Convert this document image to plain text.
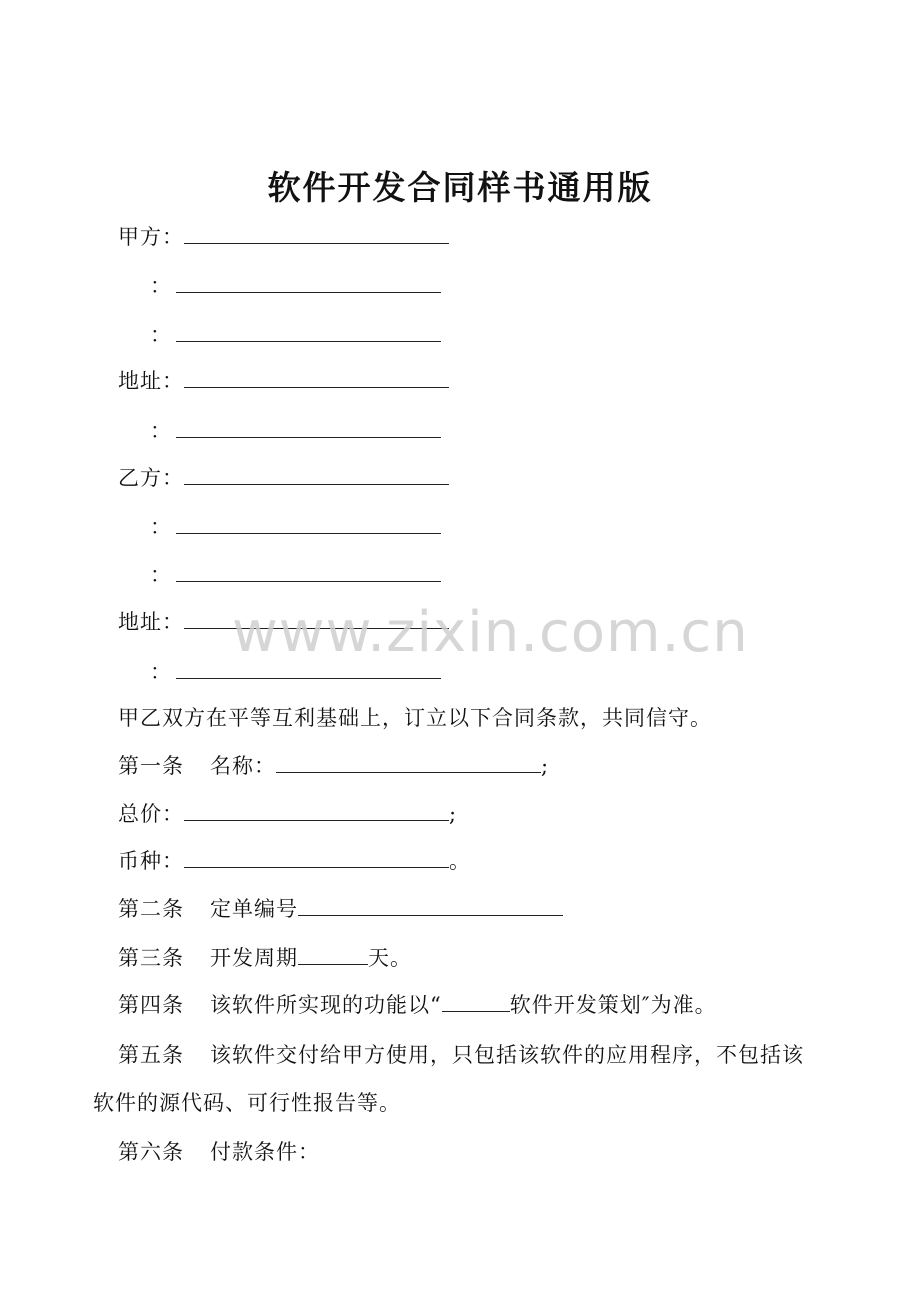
软件开发合同样书通用版
甲方：
：
：
地址：
：
乙方：
：
：
地址：
：
甲乙双方在平等互利基础上，订立以下合同条款，共同信守。
第一条 名称：	;
总价：	;
币种：	。
第二条 定单编号
第三条 开发周期	天。
第四条 该软件所实现的功能以“	软件开发策划″为准。
第五条 该软件交付给甲方使用，只包括该软件的应用程序，不包括该
软件的源代码、可行性报告等。
第六条 付款条件：
www.zixin.com.cn
